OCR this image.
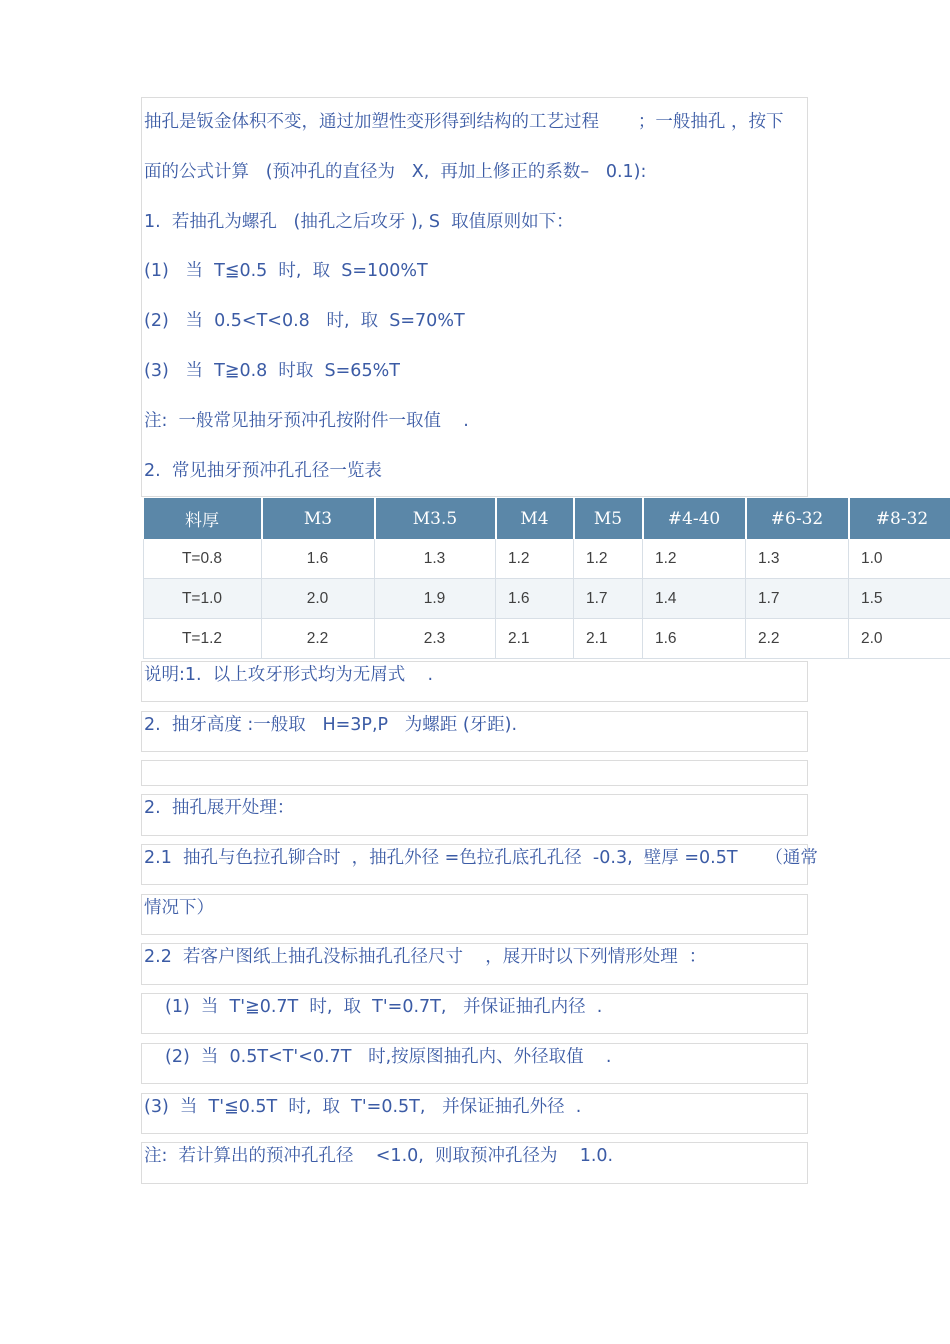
抽孔是钣金体积不变，通过加塑性变形得到结构的工艺过程       ；一般抽孔 ，按下
面的公式计算   (预冲孔的直径为   X,  再加上修正的系数–   0.1):
1.  若抽孔为螺孔   (抽孔之后攻牙 ), S  取值原则如下：
(1)   当  T≦0.5  时,  取  S=100%T
(2)   当  0.5<T<0.8   时,  取  S=70%T
(3)   当  T≧0.8  时取  S=65%T
注:  一般常见抽牙预冲孔按附件一取值    .
2.  常见抽牙预冲孔孔径一览表
料厚	M3	M3.5	M4	M5	#4-40	#6-32	#8-32
T=0.8	1.6	1.3	1.2	1.2	1.2	1.3	1.0
T=1.0	2.0	1.9	1.6	1.7	1.4	1.7	1.5
T=1.2	2.2	2.3	2.1	2.1	1.6	2.2	2.0
说明:1.  以上攻牙形式均为无屑式    .
2.  抽牙高度 :一般取   H=3P,P   为螺距 (牙距).
2.  抽孔展开处理：
2.1  抽孔与色拉孔铆合时  ，抽孔外径 =色拉孔底孔孔径  -0.3,  壁厚 =0.5T     （通常
情况下）
2.2  若客户图纸上抽孔没标抽孔孔径尺寸    ，展开时以下列情形处理  ：
(1)  当  T'≧0.7T  时,  取  T'=0.7T,   并保证抽孔内径  .
(2)  当  0.5T<T'<0.7T   时,按原图抽孔内、外径取值    .
(3)  当  T'≦0.5T  时,  取  T'=0.5T,   并保证抽孔外径  .
注:  若计算出的预冲孔孔径    <1.0,  则取预冲孔径为    1.0.
